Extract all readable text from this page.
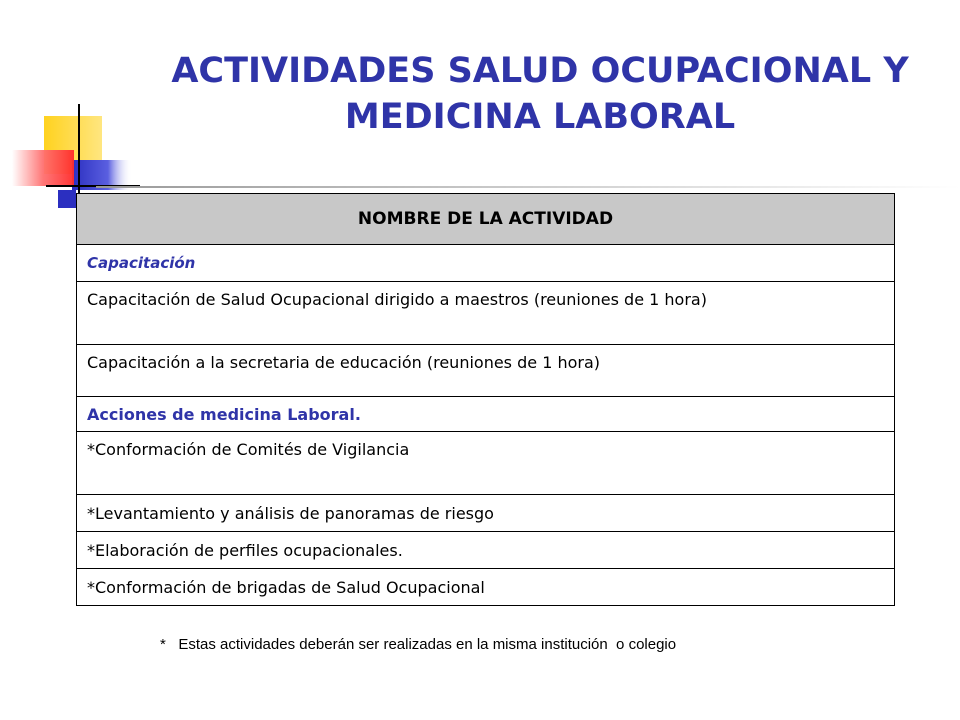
ACTIVIDADES SALUD OCUPACIONAL Y
MEDICINA LABORAL
NOMBRE DE LA ACTIVIDAD
Capacitación
Capacitación de Salud Ocupacional dirigido a maestros (reuniones de 1 hora)
Capacitación a la secretaria de educación (reuniones de 1 hora)
Acciones de medicina Laboral.
*Conformación de Comités de Vigilancia
*Levantamiento y análisis de panoramas de riesgo
*Elaboración de perfiles ocupacionales.
*Conformación de brigadas de Salud Ocupacional
*   Estas actividades deberán ser realizadas en la misma institución  o colegio
